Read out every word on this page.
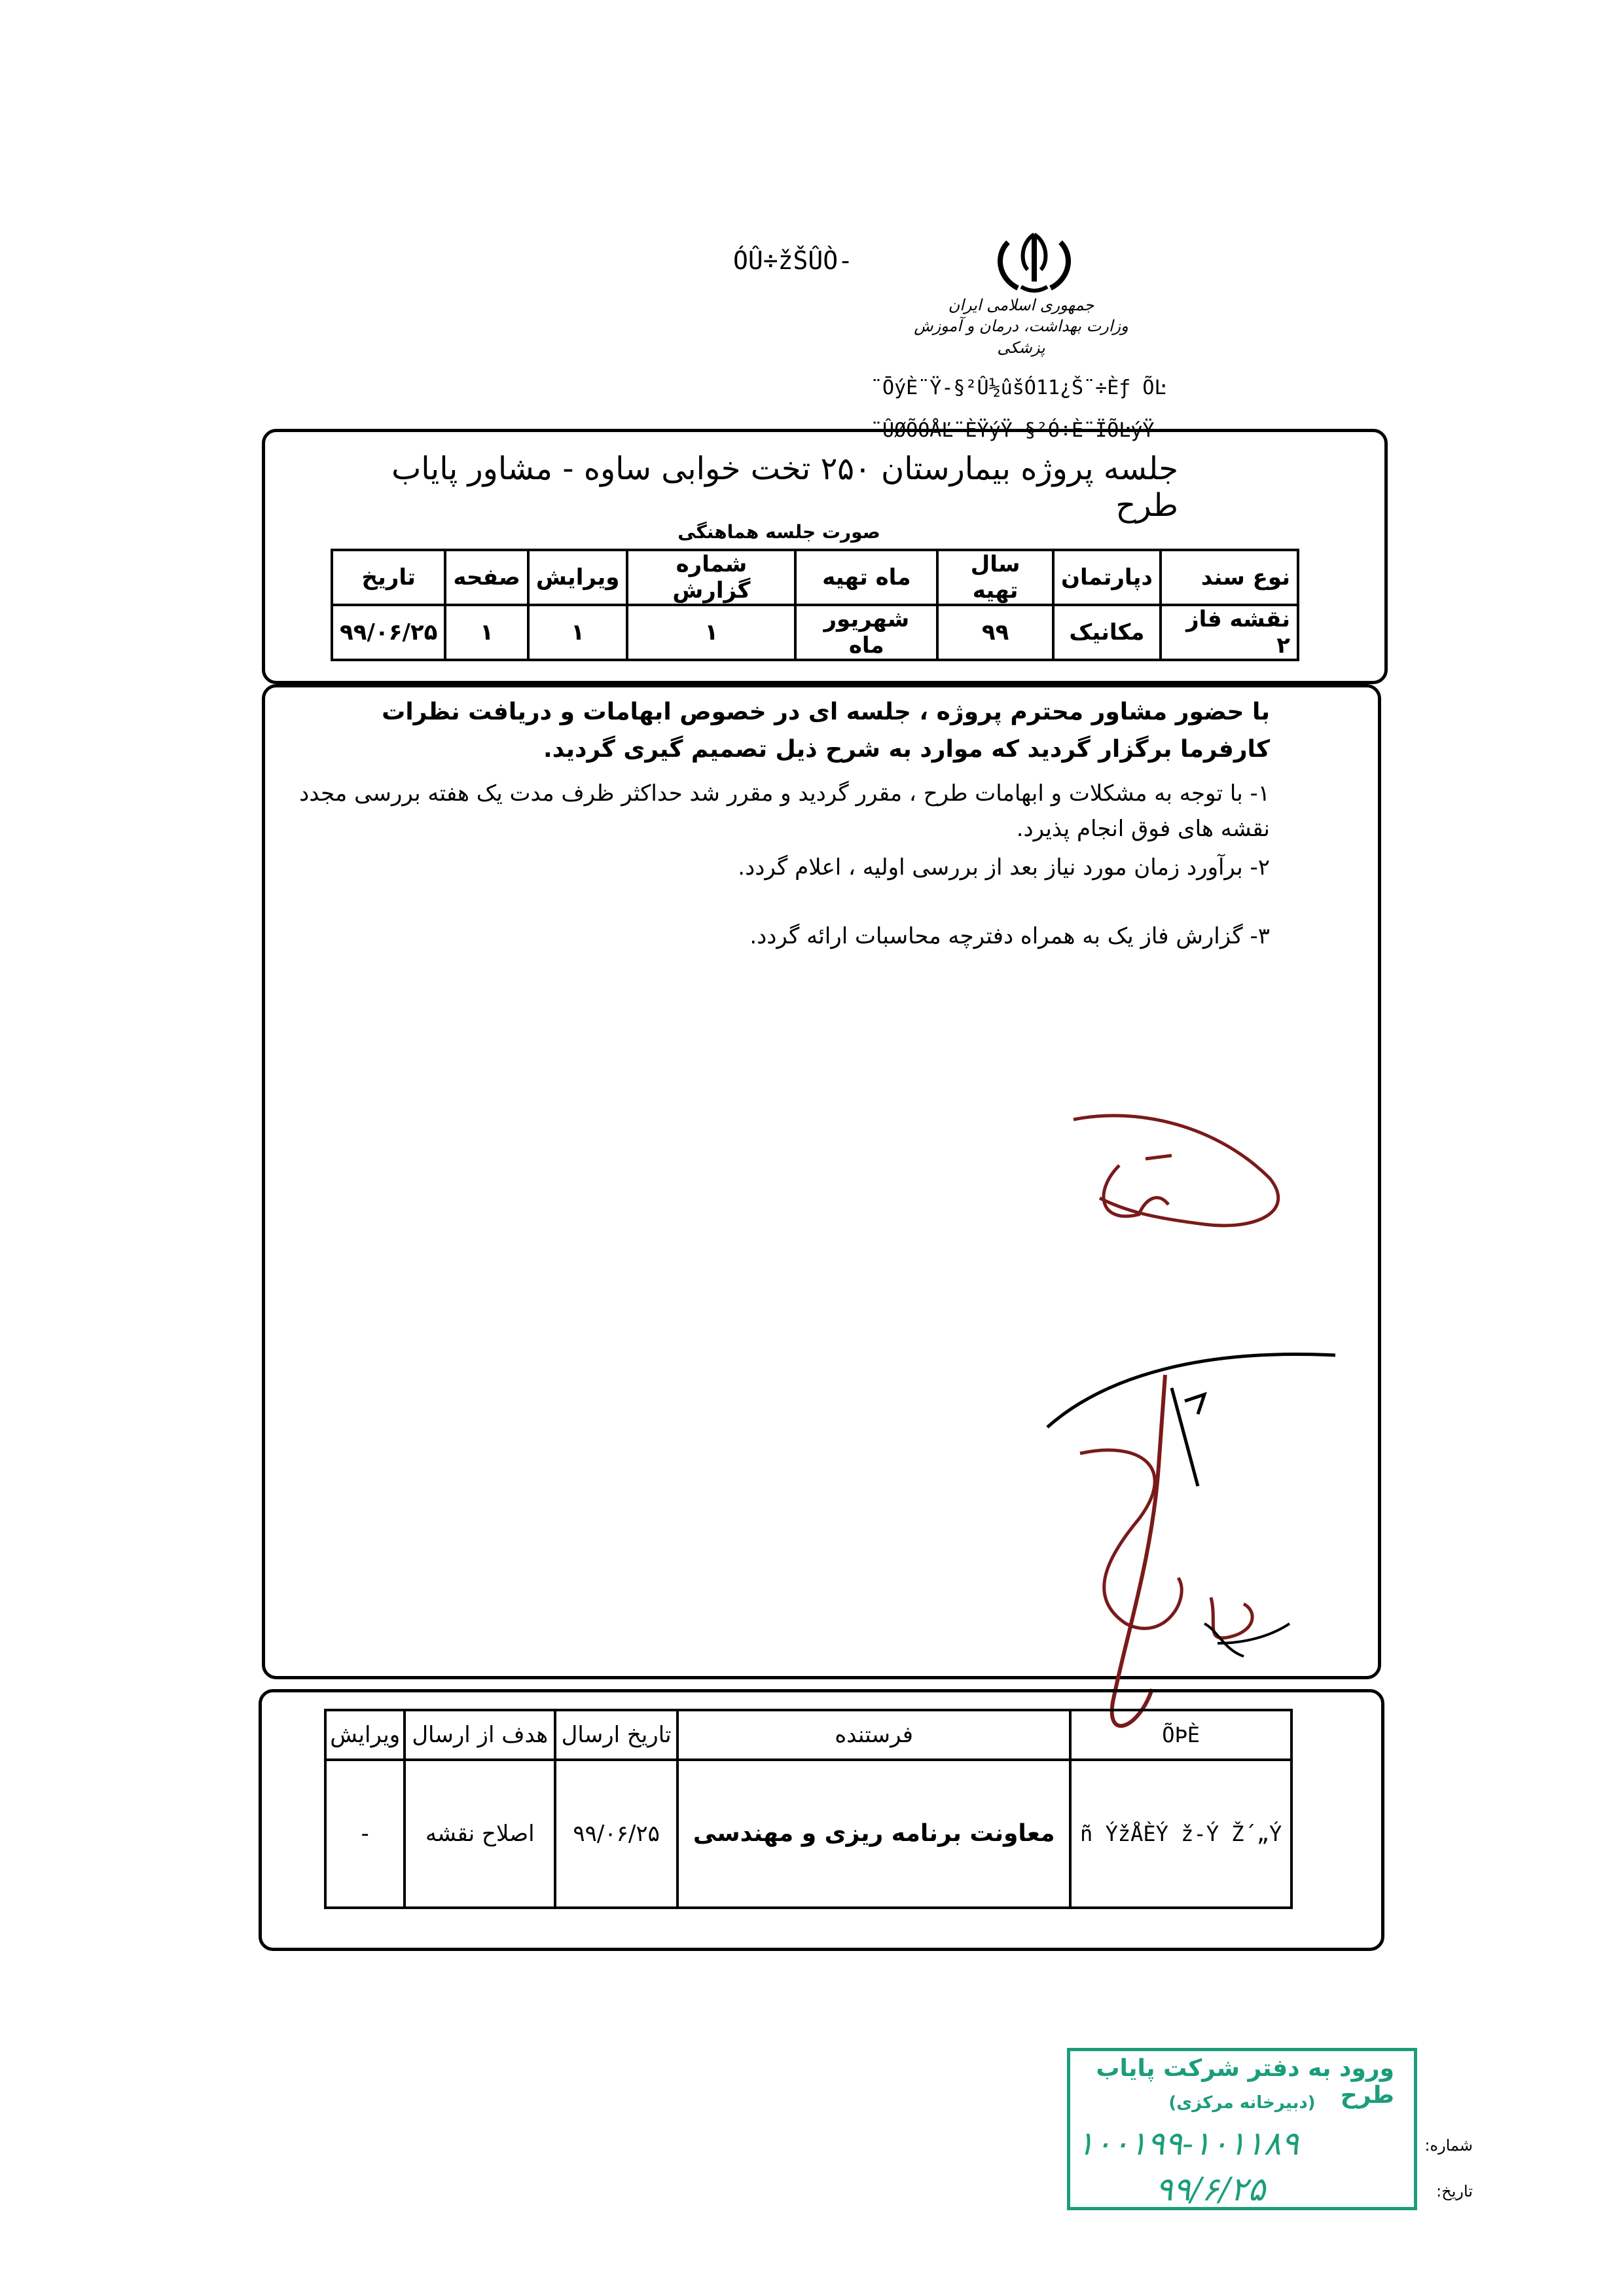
ÓÛ÷žŠÛÒ-
جمهوری اسلامی ایران
وزارت بهداشت، درمان و آموزش پزشکی
¨ŌýÈ¨Ÿ-§²Û½ûšÓ11¿Š¨÷Èƒ ÕĿ
¨ÛØÕÓÅĽ¨ÈŸýŸ-§²Ó÷È¨ÏÕĿýŸ
جلسه پروژه بیمارستان ۲۵۰ تخت خوابی ساوه - مشاور پایاب طرح
صورت جلسه هماهنگی
نوع سند	دپارتمان	سال تهیه	ماه تهیه	شماره گزارش	ویرایش	صفحه	تاریخ
نقشه فاز ۲	مکانیک	۹۹	شهریور ماه	۱	۱	۱	۹۹/۰۶/۲۵
با حضور مشاور محترم پروژه ، جلسه ای در خصوص ابهامات و دریافت نظرات کارفرما برگزار گردید که موارد به شرح ذیل تصمیم گیری گردید.
۱- با توجه به مشکلات و ابهامات طرح ، مقرر گردید و مقرر شد حداکثر ظرف مدت یک هفته بررسی مجدد نقشه های فوق انجام پذیرد.
۲- برآورد زمان مورد نیاز بعد از بررسی اولیه ، اعلام گردد.
۳- گزارش فاز یک به همراه دفترچه محاسبات ارائه گردد.
ÕÞÈ	فرستنده	تاریخ ارسال	هدف از ارسال	ویرایش
ñ ÝžÅÈÝ ž-Ý Ž´„Ý	معاونت برنامه ریزی و مهندسی	۹۹/۰۶/۲۵	اصلاح نقشه	-
ورود به دفتر شرکت پایاب طرح
(دبیرخانه مرکزی)
شماره:
۱۰۰۱۹۹-۱۰۱۱۸۹
تاریخ:
۹۹/۶/۲۵
